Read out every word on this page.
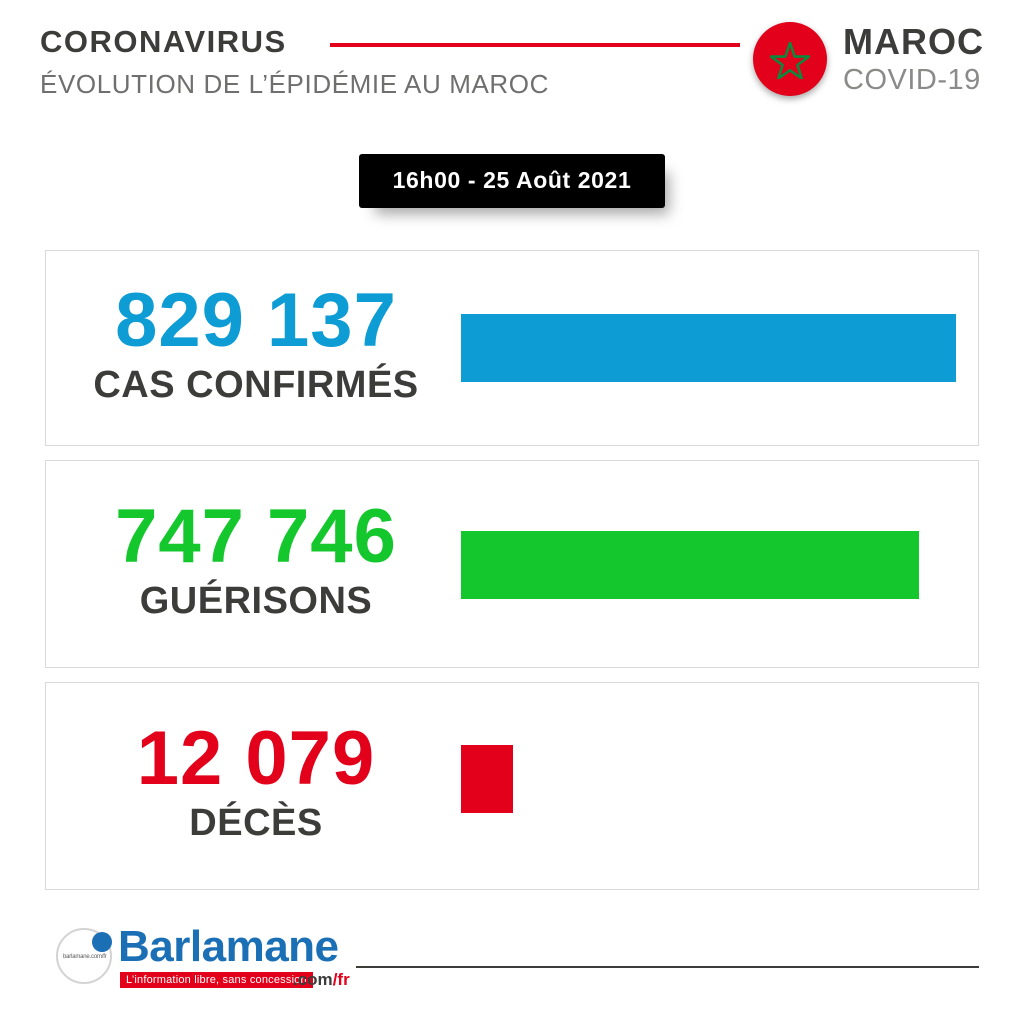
CORONAVIRUS
ÉVOLUTION DE L’ÉPIDÉMIE AU MAROC
MAROC
COVID-19
16h00 - 25 Août 2021
829 137
CAS CONFIRMÉS
747 746
GUÉRISONS
12 079
DÉCÈS
barlamane.com/fr Barlamane
L’information libre, sans concession
.com/fr
